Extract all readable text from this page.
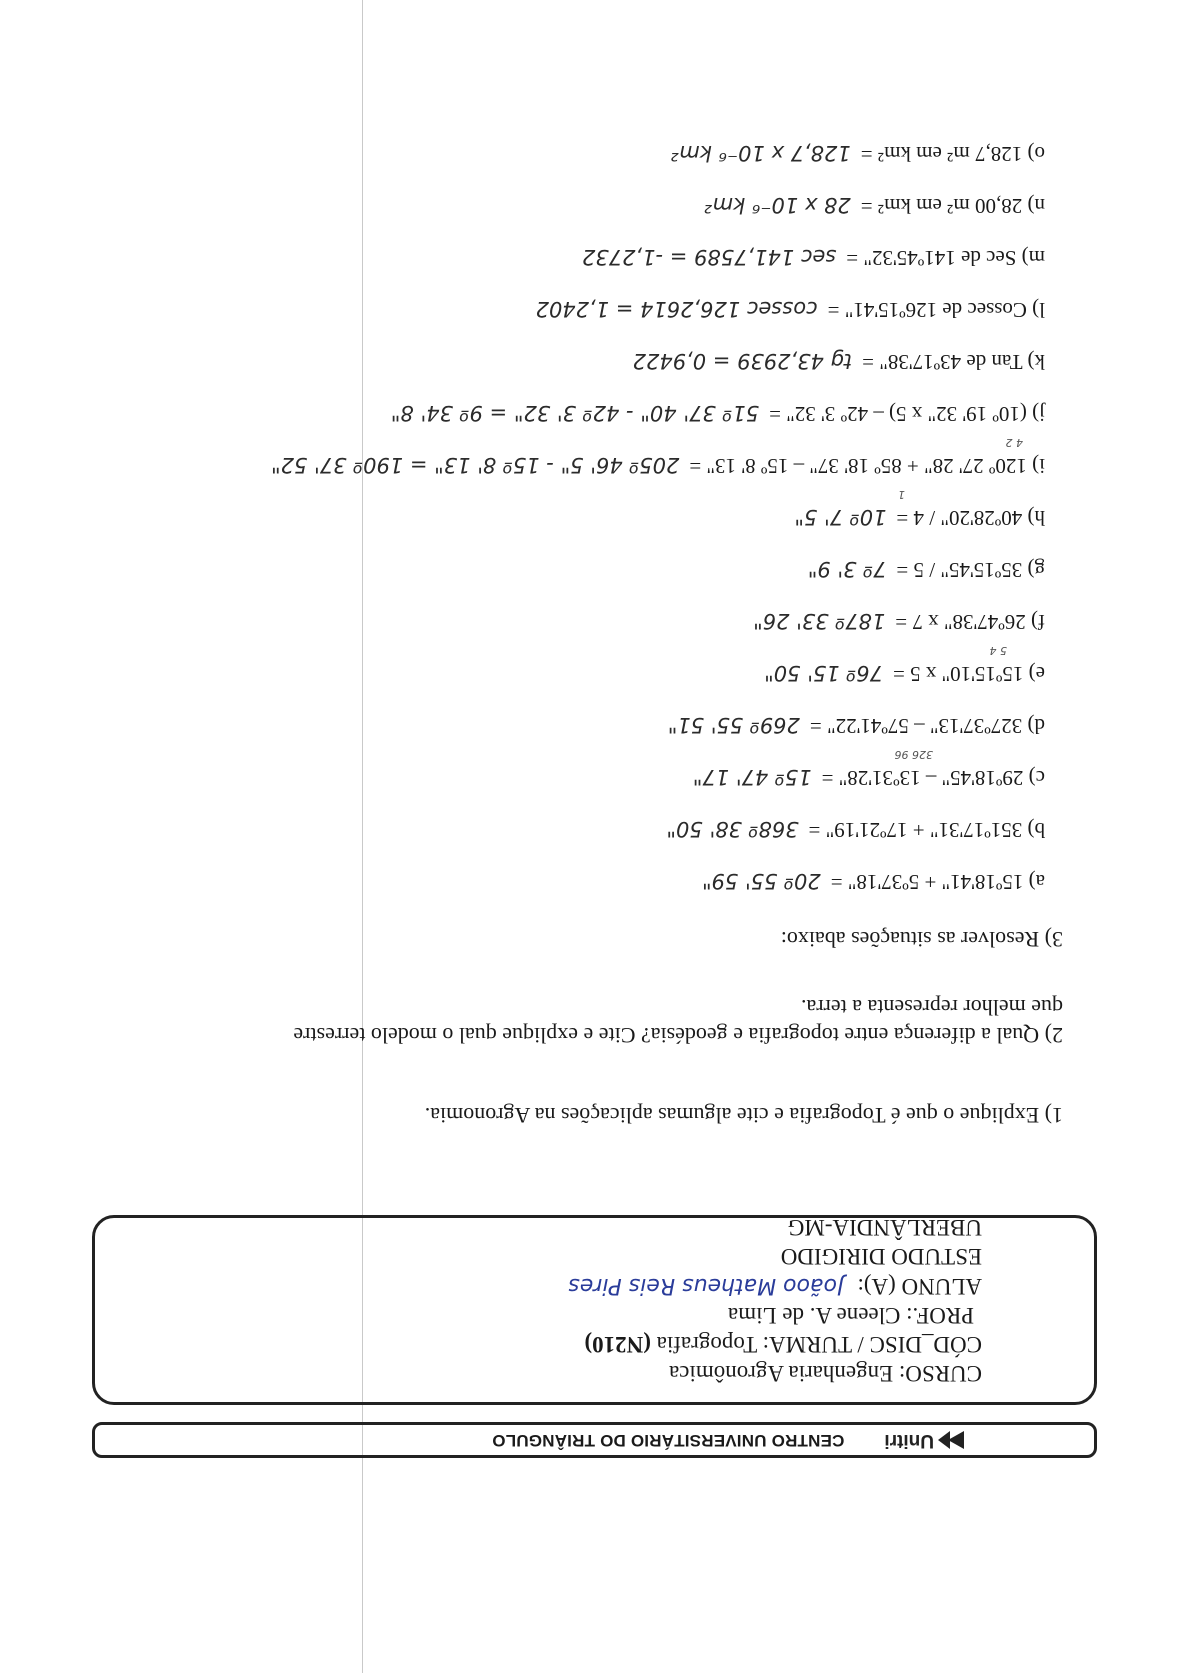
Unitri
CENTRO UNIVERSITÁRIO DO TRIÂNGULO
CURSO: Engenharia Agronômica
CÓD_DISC / TURMA: Topografia (N210)
PROF.: Cleene A. de Lima
ALUNO (A):Joãoo Matheus Reis Pires
ESTUDO DIRIGIDO
UBERLÂNDIA-MG
1) Explique o que é Topografia e cite algumas aplicações na Agronomia.
2) Qual a diferença entre topografia e geodésia? Cite e explique qual o modelo terrestre
que melhor representa a terra.
3) Resolver as situações abaixo:
a) 15º18'41" + 5º37'18" =
20º 55' 59"
b) 351º17'31" + 17º21'19" =
368º 38' 50"
c) 29º18'45" – 13º31'28" =
15º 47' 17"
326 96
d) 327º37'13" – 57º41'22" =
269º 55' 51"
e) 15º15'10" x 5 =
76º 15' 50"
5 4
f) 26º47'38" x 7 =
187º 33' 26"
g) 35º15'45" / 5 =
7º 3' 9"
h) 40º28'20" / 4 =
10º 7' 5"
1
i) 120º 27' 28" + 85º 18' 37" – 15º 8' 13" =
205º 46' 5" - 15º 8' 13" = 190º 37' 52"
4 2
j) (10º 19' 32" x 5) – 42º 3' 32" =
51º 37' 40" - 42º 3' 32" = 9º 34' 8"
k) Tan de 43º17'38" =
tg 43,2939 = 0,9422
l) Cossec de 126º15'41" =
cossec 126,2614 = 1,2402
m) Sec de 141º45'32" =
sec 141,7589 = -1,2732
n) 28,00 m² em km² =
28 x 10⁻⁶ km²
o) 128,7 m² em km² =
128,7 x 10⁻⁶ km²
